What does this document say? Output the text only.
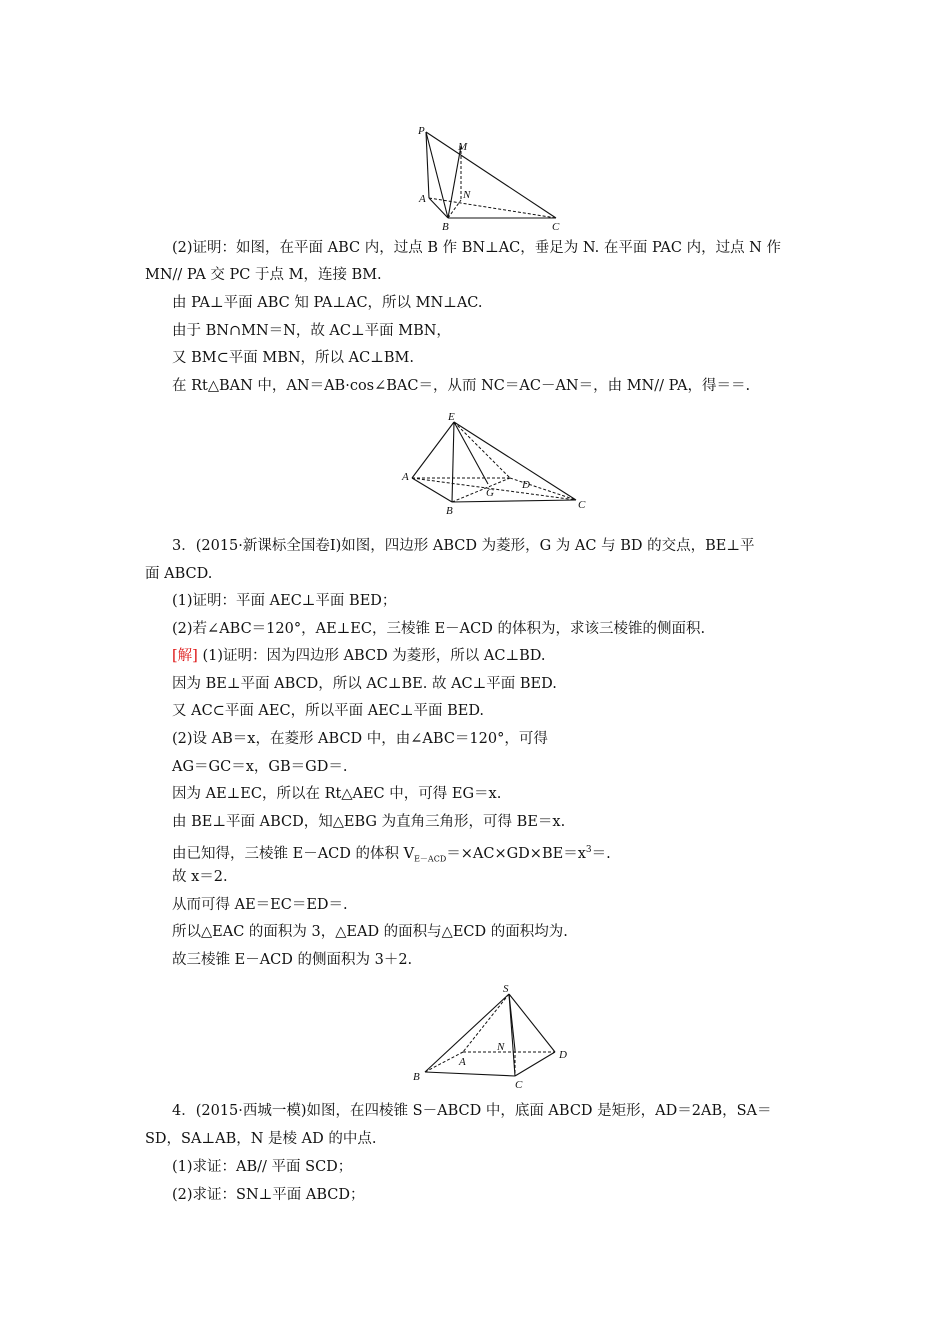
P
M
N
A
B	C
(2)证明：如图，在平面 ABC 内，过点 B 作 BN⊥AC，垂足为 N. 在平面 PAC 内，过点 N 作
MN// PA 交 PC 于点 M，连接 BM.
由 PA⊥平面 ABC 知 PA⊥AC，所以 MN⊥AC.
由于 BN∩MN＝N，故 AC⊥平面 MBN，
又 BM⊂平面 MBN，所以 AC⊥BM.
在 Rt△BAN 中，AN＝AB·cos∠BAC＝，从而 NC＝AC－AN＝，由 MN// PA，得＝＝.
E
A
G
D
B	C
3．(2015·新课标全国卷Ⅰ)如图，四边形 ABCD 为菱形，G 为 AC 与 BD 的交点，BE⊥平
面 ABCD.
(1)证明：平面 AEC⊥平面 BED；
(2)若∠ABC＝120°，AE⊥EC，三棱锥 E－ACD 的体积为，求该三棱锥的侧面积.
[解] (1)证明：因为四边形 ABCD 为菱形，所以 AC⊥BD.
因为 BE⊥平面 ABCD，所以 AC⊥BE. 故 AC⊥平面 BED.
又 AC⊂平面 AEC，所以平面 AEC⊥平面 BED.
(2)设 AB＝x，在菱形 ABCD 中，由∠ABC＝120°，可得
AG＝GC＝x，GB＝GD＝.
因为 AE⊥EC，所以在 Rt△AEC 中，可得 EG＝x.
由 BE⊥平面 ABCD，知△EBG 为直角三角形，可得 BE＝x.
由已知得，三棱锥 E－ACD 的体积 $V_{E-ACD}=\times AC\times GD\times BE=x^3=$.
故 x＝2.
从而可得 AE＝EC＝ED＝.
所以△EAC 的面积为 3，△EAD 的面积与△ECD 的面积均为.
故三棱锥 E－ACD 的侧面积为 3＋2.
S
N
A
D
B
C
4．(2015·西城一模)如图，在四棱锥 S－ABCD 中，底面 ABCD 是矩形，AD＝2AB，SA＝
SD，SA⊥AB，N 是棱 AD 的中点.
(1)求证：AB// 平面 SCD；
(2)求证：SN⊥平面 ABCD；
